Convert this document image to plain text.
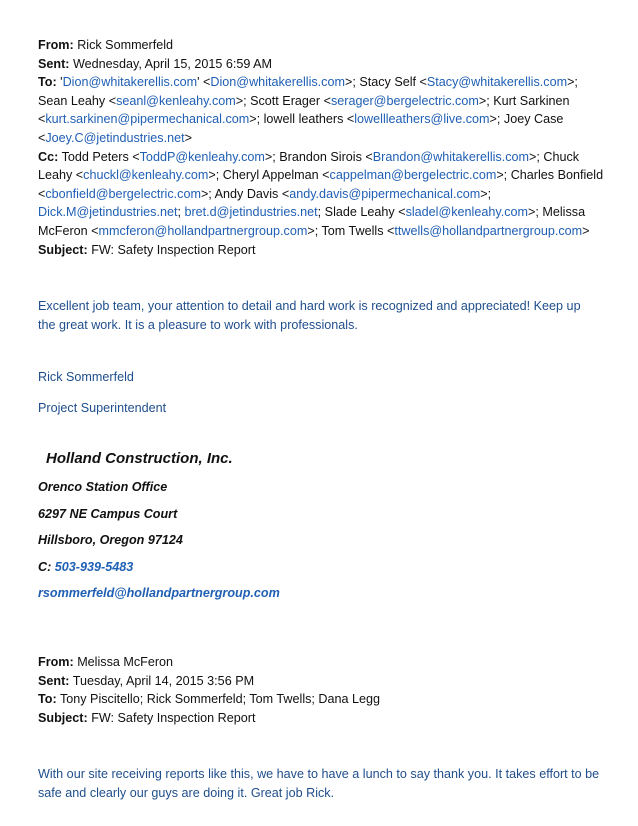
From: Rick Sommerfeld
Sent: Wednesday, April 15, 2015 6:59 AM
To: 'Dion@whitakerellis.com' <Dion@whitakerellis.com>; Stacy Self <Stacy@whitakerellis.com>; Sean Leahy <seanl@kenleahy.com>; Scott Erager <serager@bergelectric.com>; Kurt Sarkinen <kurt.sarkinen@pipermechanical.com>; lowell leathers <lowellleathers@live.com>; Joey Case <Joey.C@jetindustries.net>
Cc: Todd Peters <ToddP@kenleahy.com>; Brandon Sirois <Brandon@whitakerellis.com>; Chuck Leahy <chuckl@kenleahy.com>; Cheryl Appelman <cappelman@bergelectric.com>; Charles Bonfield <cbonfield@bergelectric.com>; Andy Davis <andy.davis@pipermechanical.com>; Dick.M@jetindustries.net; bret.d@jetindustries.net; Slade Leahy <sladel@kenleahy.com>; Melissa McFeron <mmcferon@hollandpartnergroup.com>; Tom Twells <ttwells@hollandpartnergroup.com>
Subject: FW: Safety Inspection Report
Excellent job team, your attention to detail and hard work is recognized and appreciated! Keep up the great work. It is a pleasure to work with professionals.
Rick Sommerfeld
Project Superintendent
Holland Construction, Inc.
Orenco Station Office
6297 NE Campus Court
Hillsboro, Oregon 97124
C: 503-939-5483
rsommerfeld@hollandpartnergroup.com
From: Melissa McFeron
Sent: Tuesday, April 14, 2015 3:56 PM
To: Tony Piscitello; Rick Sommerfeld; Tom Twells; Dana Legg
Subject: FW: Safety Inspection Report
With our site receiving reports like this, we have to have a lunch to say thank you. It takes effort to be safe and clearly our guys are doing it. Great job Rick.
